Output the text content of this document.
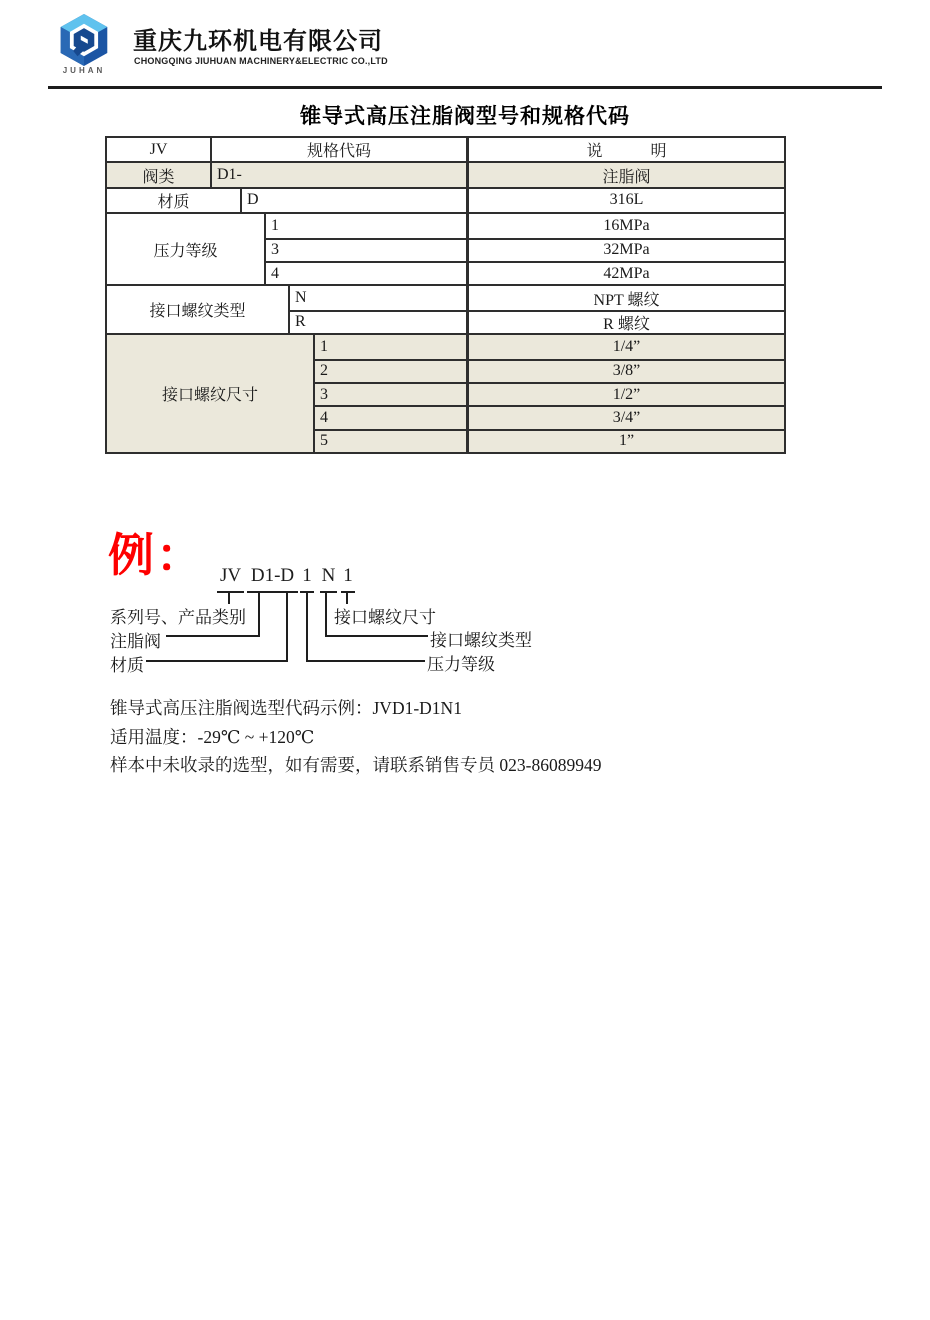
JUHAN
重庆九环机电有限公司
CHONGQING JIUHUAN MACHINERY&ELECTRIC CO.,LTD
锥导式高压注脂阀型号和规格代码
JV	规格代码	说　　　明
阀类	D1-	注脂阀
材质	D	316L
压力等级
1	16MPa
3	32MPa
4	42MPa
接口螺纹类型
N	NPT 螺纹
R	R 螺纹
接口螺纹尺寸
1	1/4”
2	3/8”
3	1/2”
4	3/4”
5	1”
例： JV D1-D 1 N 1
系列号、产品类别
注脂阀
材质
接口螺纹尺寸
接口螺纹类型
压力等级
锥导式高压注脂阀选型代码示例：JVD1-D1N1
适用温度：-29℃ ~ +120℃
样本中未收录的选型，如有需要，请联系销售专员 023-86089949
